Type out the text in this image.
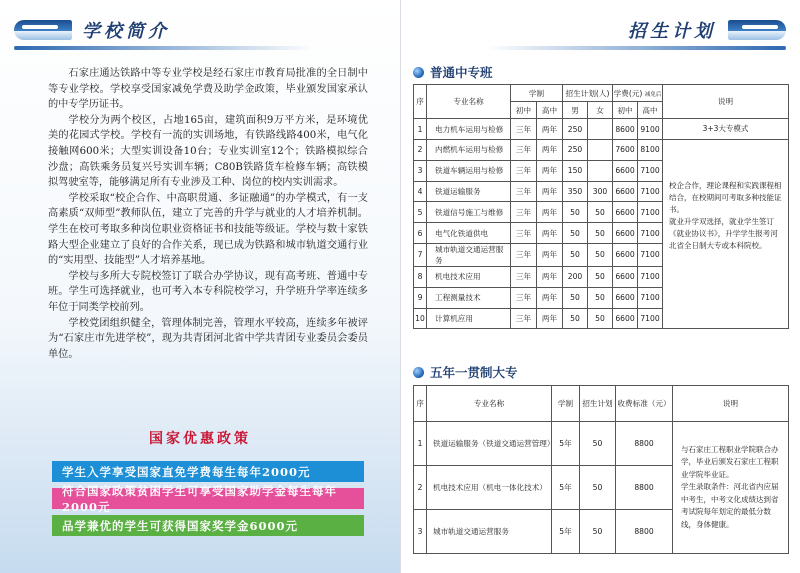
学校简介

石家庄通达铁路中等专业学校是经石家庄市教育局批准的全日制中等专业学校。学校享受国家减免学费及助学金政策，毕业颁发国家承认的中专学历证书。

学校分为两个校区，占地165亩，建筑面积9万平方米，是环境优美的花园式学校。学校有一流的实训场地，有铁路线路400米，电气化接触网600米；大型实训设备10台；专业实训室12个；铁路模拟综合沙盘；高铁乘务员复兴号实训车辆；C80B铁路货车检修车辆；高铁模拟驾驶室等，能够满足所有专业涉及工种、岗位的校内实训需求。

学校采取“校企合作、中高职贯通、多证融通”的办学模式，有一支高素质“双师型”教师队伍，建立了完善的升学与就业的人才培养机制。学生在校可考取多种岗位职业资格证书和技能等级证。学校与数十家铁路大型企业建立了良好的合作关系，现已成为铁路和城市轨道交通行业的“实用型、技能型”人才培养基地。

学校与多所大专院校签订了联合办学协议，现有高考班、普通中专班。学生可选择就业，也可考入本专科院校学习，升学班升学率连续多年位于同类学校前列。

学校党团组织健全，管理体制完善，管理水平较高，连续多年被评为“石家庄市先进学校”，现为共青团河北省中学共青团专业委员会委员单位。

国家优惠政策
学生入学享受国家直免学费每生每年2000元
符合国家政策贫困学生可享受国家助学金每生每年2000元
品学兼优的学生可获得国家奖学金6000元
招生计划
普通中专班
序	专业名称	学制		招生计划(人)		学费(元) 减免后		说明
		初中	高中	男	女	初中	高中	
1	电力机车运用与检修	三年	两年	250		8600	9100	3+3大专模式
2	内燃机车运用与检修	三年	两年	250		7600	8100	校企合作，理论课程和实践课程相结合，在校期间可考取多种技能证书。
就业升学双选择，就业学生签订《就业协议书》，升学学生报考河北省全日制大专或本科院校。
3	铁道车辆运用与检修	三年	两年	150		6600	7100	
4	铁道运输服务	三年	两年	350	300	6600	7100	
5	铁道信号施工与维修	三年	两年	50	50	6600	7100	
6	电气化铁道供电	三年	两年	50	50	6600	7100	
7	城市轨道交通运营服务	三年	两年	50	50	6600	7100	
8	机电技术应用	三年	两年	200	50	6600	7100	
9	工程测量技术	三年	两年	50	50	6600	7100	
10	计算机应用	三年	两年	50	50	6600	7100	
五年一贯制大专
序	专业名称	学制	招生计划	收费标准（元）	说明
1	铁道运输服务（铁道交通运营管理）	5年	50	8800	与石家庄工程职业学院联合办学，毕业后颁发石家庄工程职业学院毕业证。
学生录取条件：河北省内应届中考生，中考文化成绩达到省考试院每年划定的最低分数线，身体健康。
2	机电技术应用（机电一体化技术）	5年	50	8800	
3	城市轨道交通运营服务	5年	50	8800	
